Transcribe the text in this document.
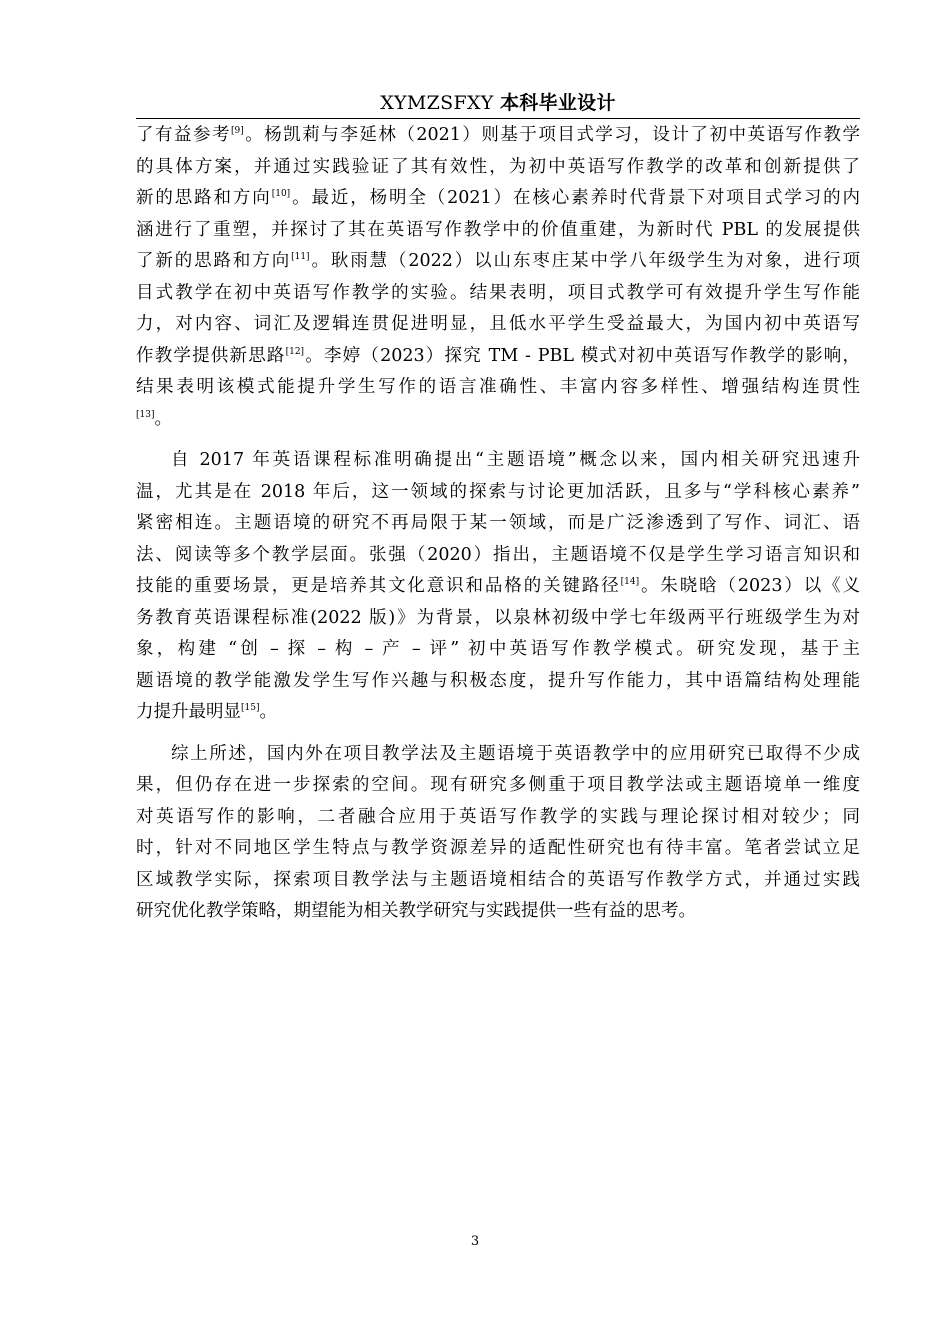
XYMZSFXY 本科毕业设计
了有益参考[9]。杨凯莉与李延林（2021）则基于项目式学习，设计了初中英语写作教学
的具体方案，并通过实践验证了其有效性，为初中英语写作教学的改革和创新提供了
新的思路和方向[10]。最近，杨明全（2021）在核心素养时代背景下对项目式学习的内
涵进行了重塑，并探讨了其在英语写作教学中的价值重建，为新时代 PBL 的发展提供
了新的思路和方向[11]。耿雨慧（2022）以山东枣庄某中学八年级学生为对象，进行项
目式教学在初中英语写作教学的实验。结果表明，项目式教学可有效提升学生写作能
力，对内容、词汇及逻辑连贯促进明显，且低水平学生受益最大，为国内初中英语写
作教学提供新思路[12]。李婷（2023）探究 TM - PBL 模式对初中英语写作教学的影响，
结果表明该模式能提升学生写作的语言准确性、丰富内容多样性、增强结构连贯性
[13]。
自 2017 年英语课程标准明确提出“主题语境”概念以来，国内相关研究迅速升
温，尤其是在 2018 年后，这一领域的探索与讨论更加活跃，且多与“学科核心素养”
紧密相连。主题语境的研究不再局限于某一领域，而是广泛渗透到了写作、词汇、语
法、阅读等多个教学层面。张强（2020）指出，主题语境不仅是学生学习语言知识和
技能的重要场景，更是培养其文化意识和品格的关键路径[14]。朱晓晗（2023）以《义
务教育英语课程标准(2022 版)》为背景，以泉林初级中学七年级两平行班级学生为对
象，构建 “创 – 探 – 构 – 产 – 评” 初中英语写作教学模式。研究发现，基于主
题语境的教学能激发学生写作兴趣与积极态度，提升写作能力，其中语篇结构处理能
力提升最明显[15]。
综上所述，国内外在项目教学法及主题语境于英语教学中的应用研究已取得不少成
果，但仍存在进一步探索的空间。现有研究多侧重于项目教学法或主题语境单一维度
对英语写作的影响，二者融合应用于英语写作教学的实践与理论探讨相对较少；同
时，针对不同地区学生特点与教学资源差异的适配性研究也有待丰富。笔者尝试立足
区域教学实际，探索项目教学法与主题语境相结合的英语写作教学方式，并通过实践
研究优化教学策略，期望能为相关教学研究与实践提供一些有益的思考。
3
